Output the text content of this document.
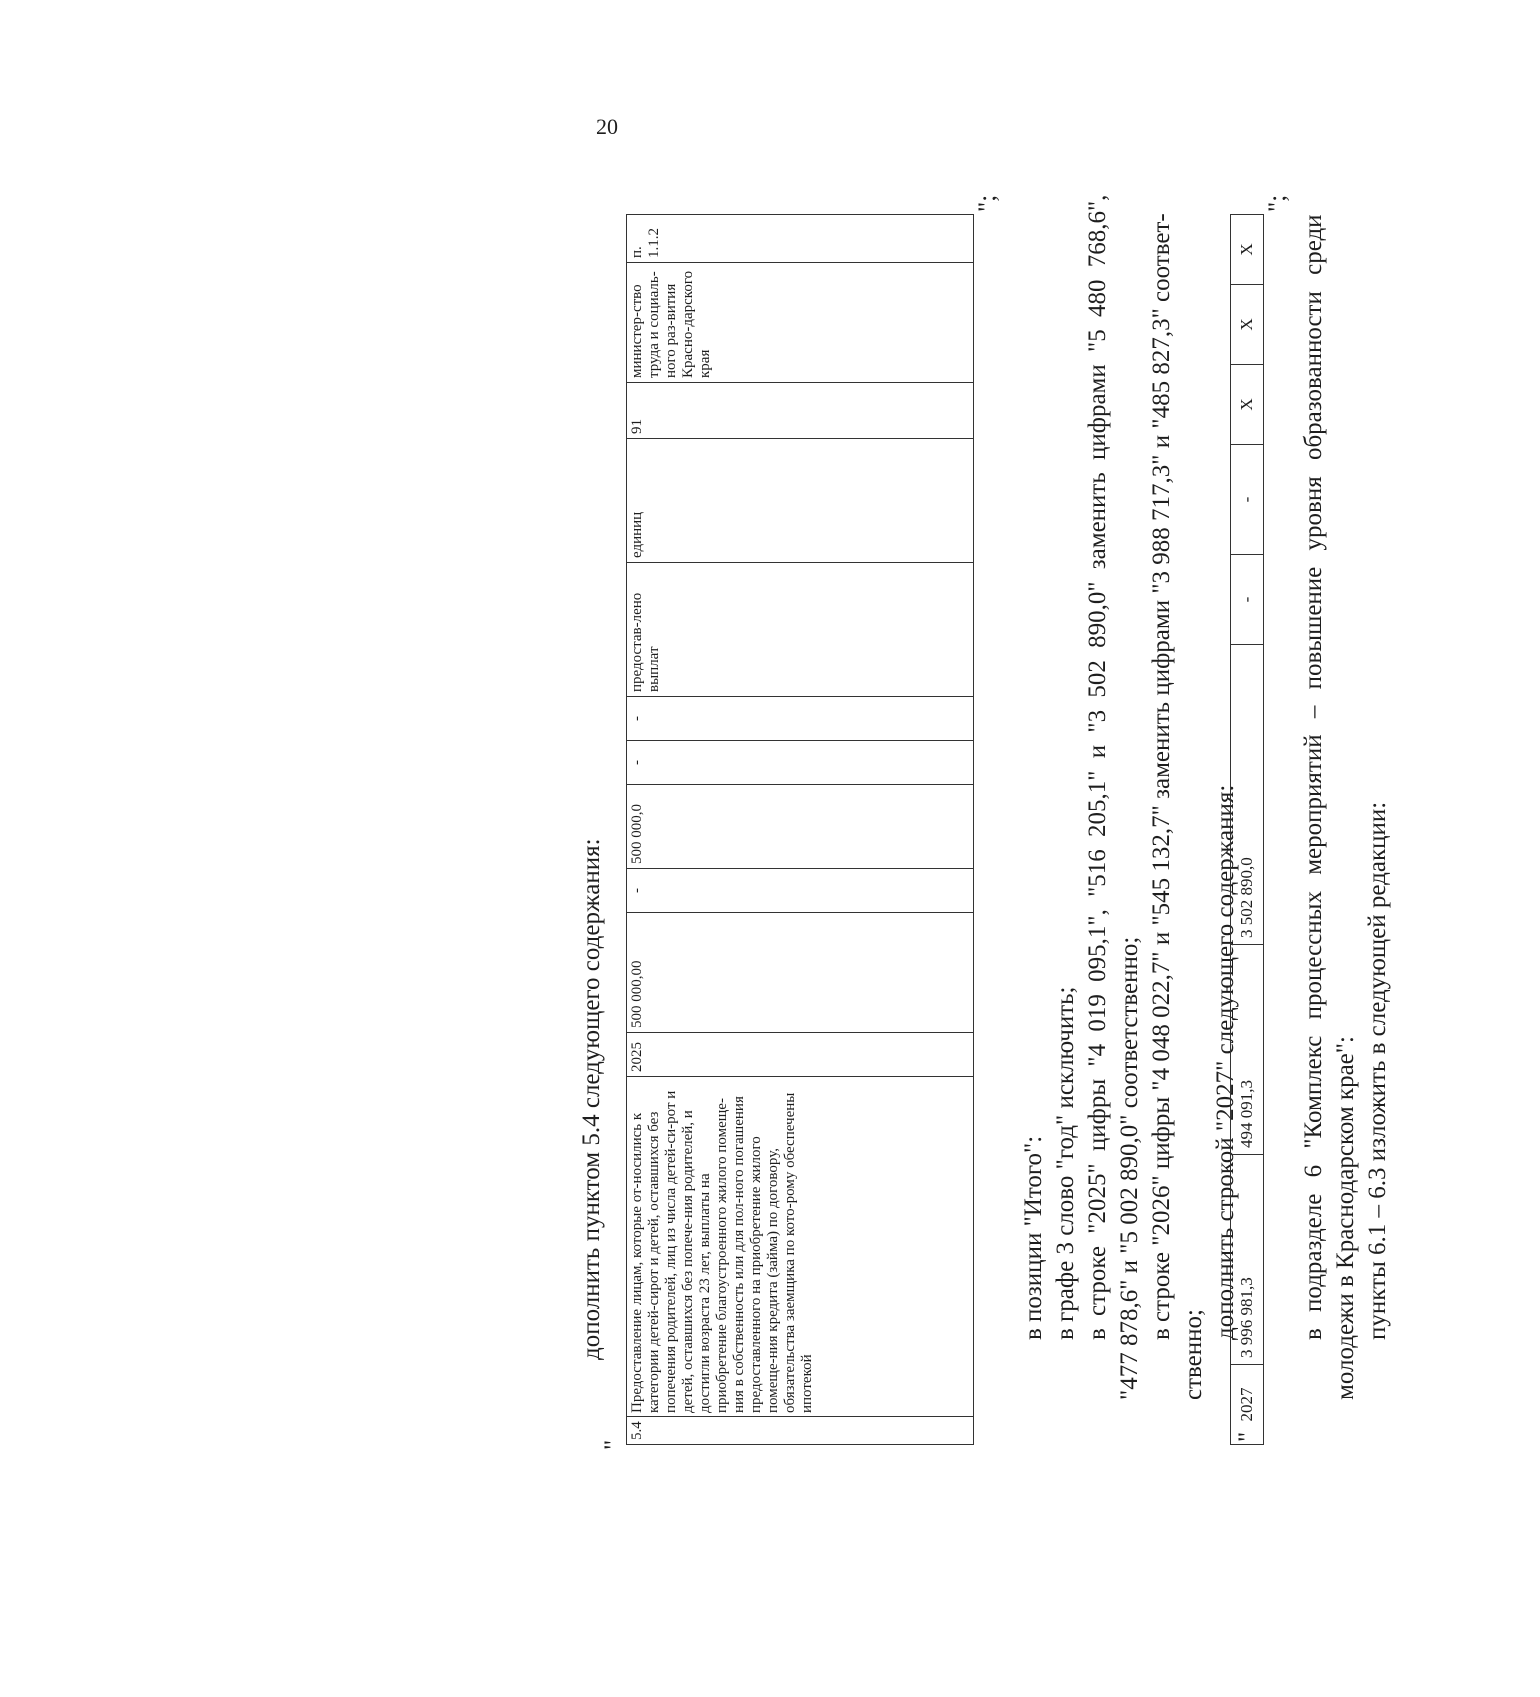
20
дополнить пунктом 5.4 следующего содержания:
"
5.4	Предоставление лицам, которые от-носились к категории детей-сирот и детей, оставшихся без попечения родителей, лиц из числа детей-си-рот и детей, оставшихся без попече-ния родителей, и достигли возраста 23 лет, выплаты на приобретение благоустроенного жилого помеще-ния в собственность или для пол-ного погашения предоставленного на приобретение жилого помеще-ния кредита (займа) по договору, обязательства заемщика по кото-рому обеспечены ипотекой	2025	500 000,00	-	500 000,0	-	-	предостав-лено выплат	единиц	91	министер-ство труда и социаль-ного раз-вития Красно-дарского края	п. 1.1.2
";
в позиции "Итого": в графе 3 слово "год" исключить; в строке "2025" цифры "4 019 095,1", "516 205,1" и "3 502 890,0" заменить цифрами "5 480 768,6", "477 878,6" и "5 002 890,0" соответственно; в строке "2026" цифры "4 048 022,7" и "545 132,7" заменить цифрами "3 988 717,3" и "485 827,3" соответ-
ственно;
дополнить строкой "2027" следующего содержания:
"
2027	3 996 981,3	494 091,3	3 502 890,0	-	-	X	X	X
";
в подразделе 6 "Комплекс процессных мероприятий – повышение уровня образованности среди молодежи в Краснодарском крае": пункты 6.1 – 6.3 изложить в следующей редакции:
